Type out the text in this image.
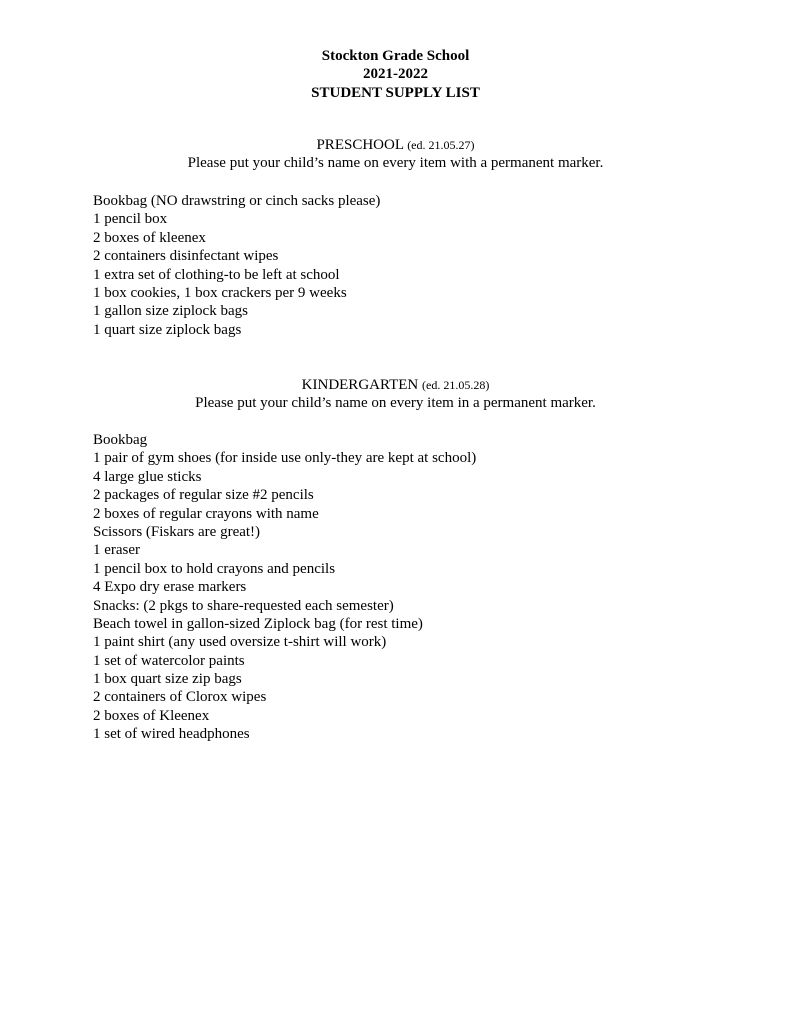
Stockton Grade School
2021-2022
STUDENT SUPPLY LIST
PRESCHOOL (ed. 21.05.27)
Please put your child’s name on every item with a permanent marker.
Bookbag (NO drawstring or cinch sacks please)
1 pencil box
2 boxes of kleenex
2 containers disinfectant wipes
1 extra set of clothing-to be left at school
1 box cookies, 1 box crackers per 9 weeks
1 gallon size ziplock bags
1 quart size ziplock bags
KINDERGARTEN (ed. 21.05.28)
Please put your child’s name on every item in a permanent marker.
Bookbag
1 pair of gym shoes (for inside use only-they are kept at school)
4 large glue sticks
2 packages of regular size #2 pencils
2 boxes of regular crayons with name
Scissors (Fiskars are great!)
1 eraser
1 pencil box to hold crayons and pencils
4 Expo dry erase markers
Snacks: (2 pkgs to share-requested each semester)
Beach towel in gallon-sized Ziplock bag (for rest time)
1 paint shirt (any used oversize t-shirt will work)
1 set of watercolor paints
1 box quart size zip bags
2 containers of Clorox wipes
2 boxes of Kleenex
1 set of wired headphones
